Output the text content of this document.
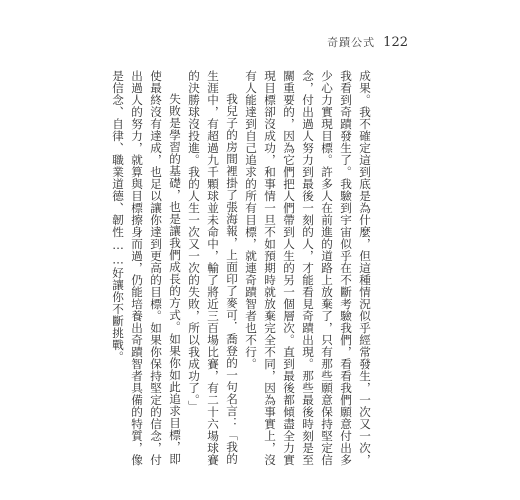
奇蹟公式 122

成果。我不確定這到底是為什麼，但這種情況似乎經常發生，一次又一次，我看到奇蹟發生了。我驗到宇宙似乎在不斷考驗我們，看看我們願意付出多少心力實現目標。許多人在前進的道路上放棄了，只有那些願意保持堅定信念，付出過人努力到最後一刻的人，才能看見奇蹟出現。那些最後時刻是至關重要的，因為它們把人們帶到人生的另一個層次。直到最後都傾盡全力實現目標卻沒成功，和事情一旦不如預期時就放棄完全不同，因為事實上，沒有人能達到自己追求的所有目標，就連奇蹟智者也不行。

我兒子的房間裡掛了張海報，上面印了麥可．喬登的一句名言：「我的生涯中，有超過九千顆球並未命中，輸了將近三百場比賽，有二十六場球賽的決勝球沒投進。我的人生一次又一次的失敗，所以我成功了。」

失敗是學習的基礎，也是讓我們成長的方式。如果你如此追求目標，即使最終沒有達成，也足以讓你達到更高的目標。如果你保持堅定的信念，付出過人的努力，就算與目標擦身而過，仍能培養出奇蹟智者具備的特質，像是信念、自律、職業道德、韌性……好讓你不斷挑戰。
